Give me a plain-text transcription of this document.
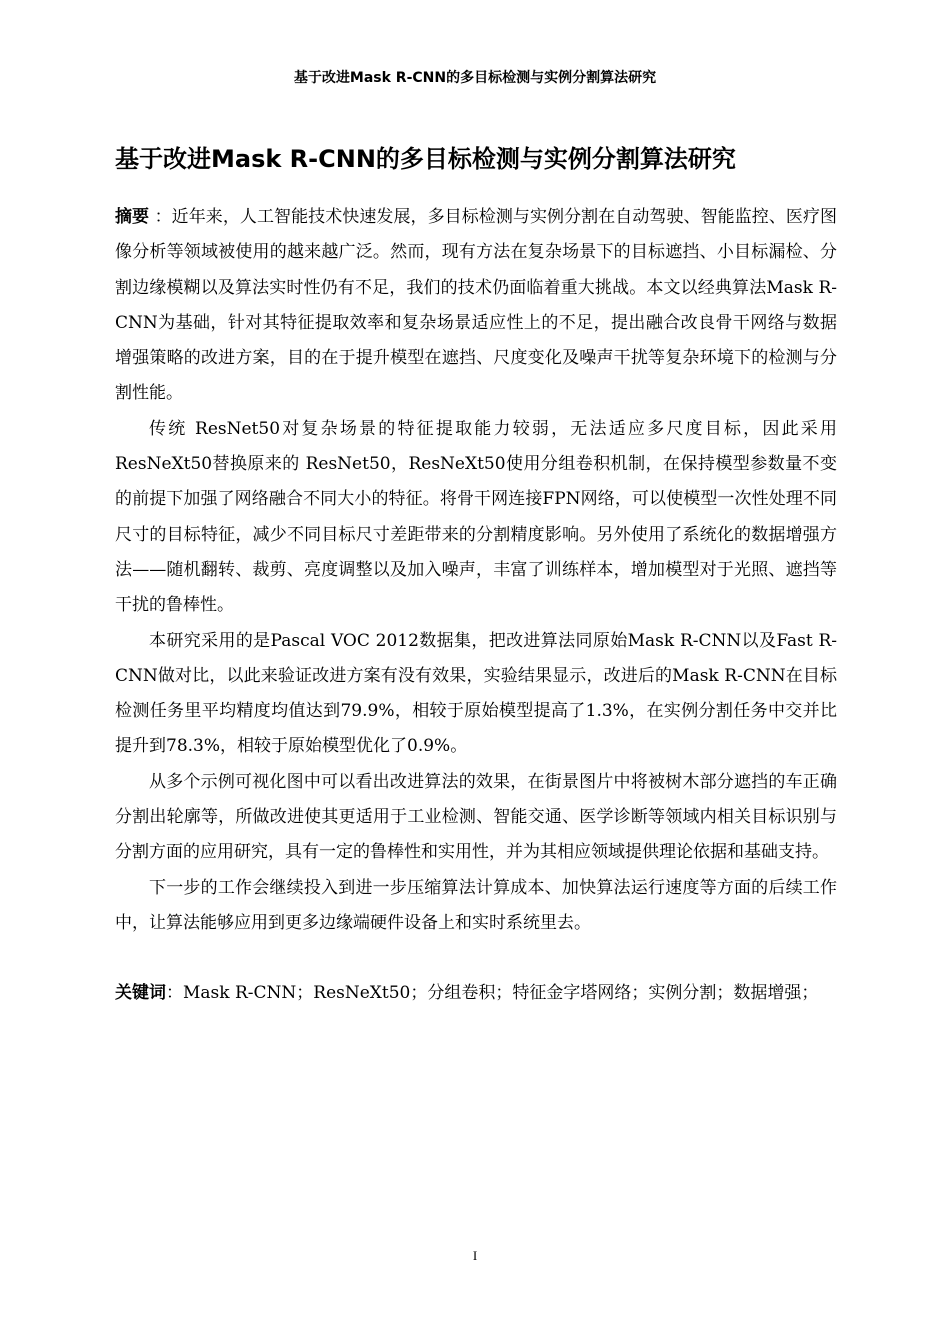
基于改进Mask R-CNN的多目标检测与实例分割算法研究
基于改进Mask R-CNN的多目标检测与实例分割算法研究

摘要 ：近年来，人工智能技术快速发展，多目标检测与实例分割在自动驾驶、智能监控、医疗图像分析等领域被使用的越来越广泛。然而，现有方法在复杂场景下的目标遮挡、小目标漏检、分割边缘模糊以及算法实时性仍有不足，我们的技术仍面临着重大挑战。本文以经典算法Mask R-CNN为基础，针对其特征提取效率和复杂场景适应性上的不足，提出融合改良骨干网络与数据增强策略的改进方案，目的在于提升模型在遮挡、尺度变化及噪声干扰等复杂环境下的检测与分割性能。

传统 ResNet50对复杂场景的特征提取能力较弱，无法适应多尺度目标，因此采用ResNeXt50替换原来的 ResNet50，ResNeXt50使用分组卷积机制，在保持模型参数量不变的前提下加强了网络融合不同大小的特征。将骨干网连接FPN网络，可以使模型一次性处理不同尺寸的目标特征，减少不同目标尺寸差距带来的分割精度影响。另外使用了系统化的数据增强方法——随机翻转、裁剪、亮度调整以及加入噪声，丰富了训练样本，增加模型对于光照、遮挡等干扰的鲁棒性。

本研究采用的是Pascal VOC 2012数据集，把改进算法同原始Mask R-CNN以及Fast R-CNN做对比，以此来验证改进方案有没有效果，实验结果显示，改进后的Mask R-CNN在目标检测任务里平均精度均值达到79.9%，相较于原始模型提高了1.3%，在实例分割任务中交并比提升到78.3%，相较于原始模型优化了0.9%。

从多个示例可视化图中可以看出改进算法的效果，在街景图片中将被树木部分遮挡的车正确分割出轮廓等，所做改进使其更适用于工业检测、智能交通、医学诊断等领域内相关目标识别与分割方面的应用研究，具有一定的鲁棒性和实用性，并为其相应领域提供理论依据和基础支持。

下一步的工作会继续投入到进一步压缩算法计算成本、加快算法运行速度等方面的后续工作中，让算法能够应用到更多边缘端硬件设备上和实时系统里去。

关键词：Mask R-CNN；ResNeXt50；分组卷积；特征金字塔网络；实例分割；数据增强；

I
